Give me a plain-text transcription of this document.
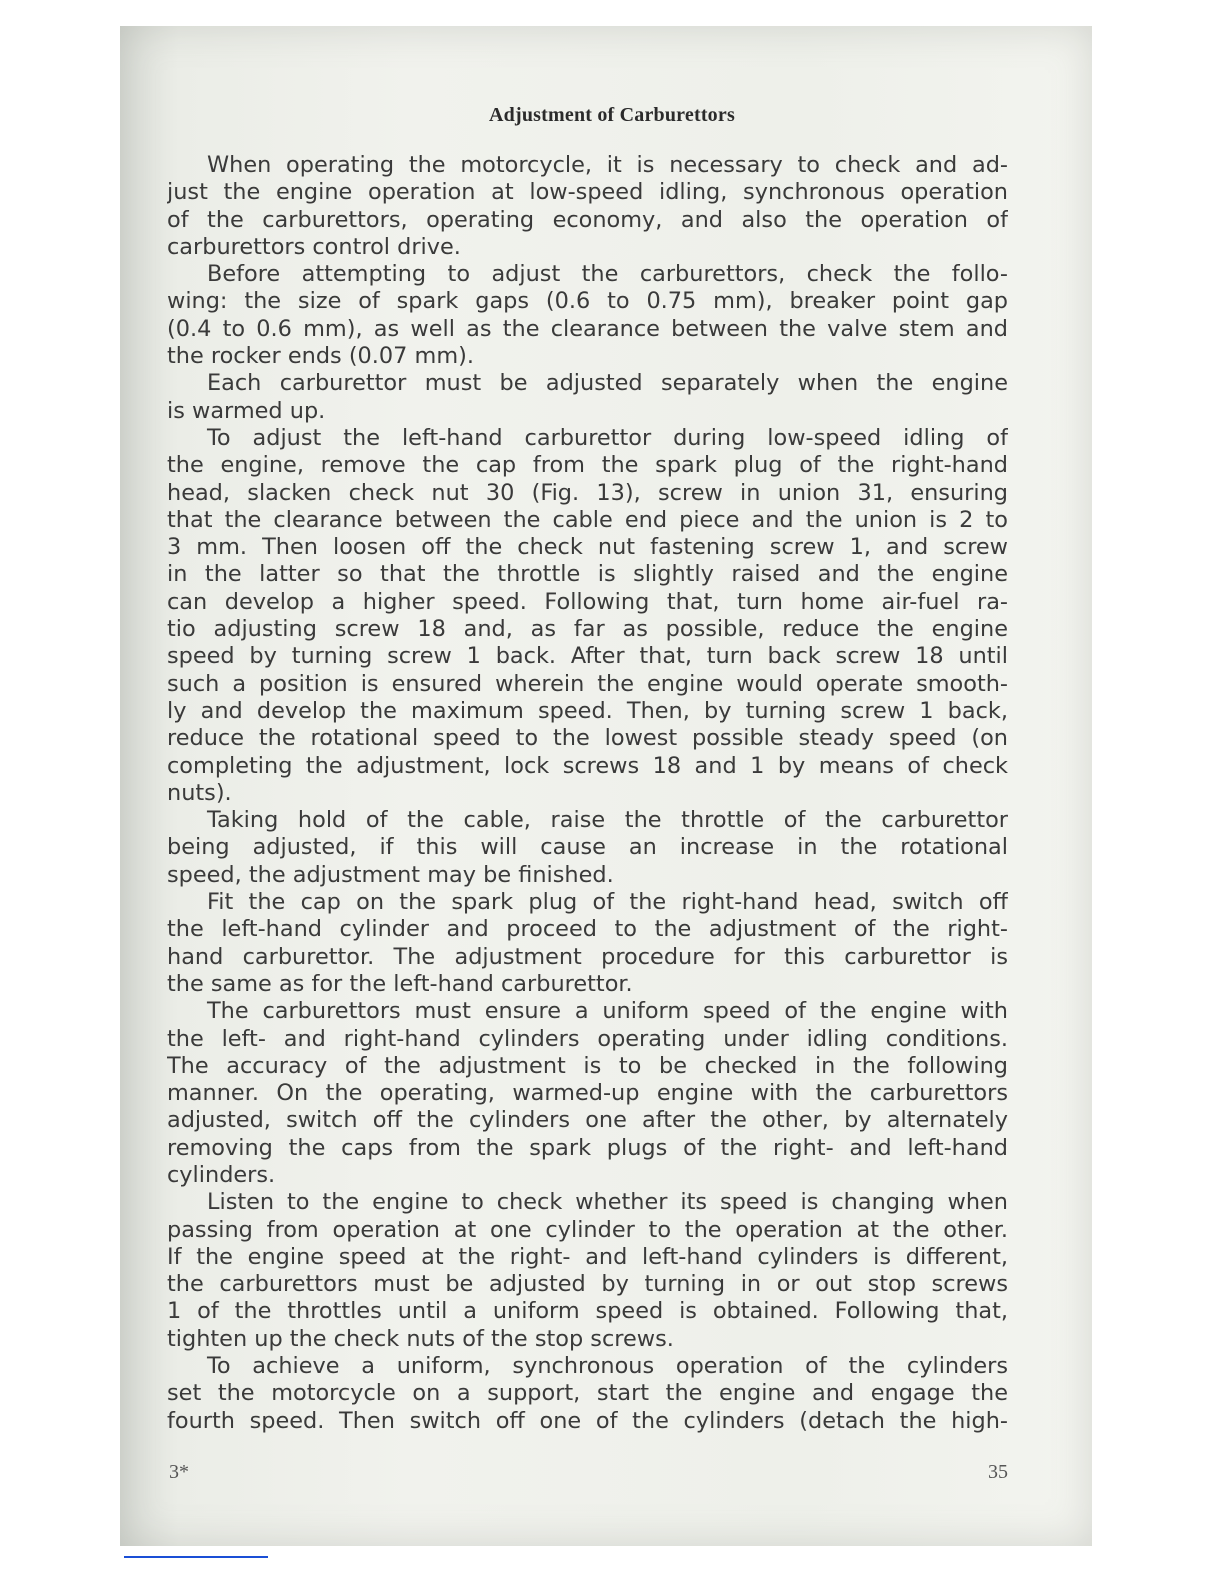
Adjustment of Carburettors
When operating the motorcycle, it is necessary to check and ad-
just the engine operation at low-speed idling, synchronous operation
of the carburettors, operating economy, and also the operation of
carburettors control drive.
Before attempting to adjust the carburettors, check the follo-
wing: the size of spark gaps (0.6 to 0.75 mm), breaker point gap
(0.4 to 0.6 mm), as well as the clearance between the valve stem and
the rocker ends (0.07 mm).
Each carburettor must be adjusted separately when the engine
is warmed up.
To adjust the left-hand carburettor during low-speed idling of
the engine, remove the cap from the spark plug of the right-hand
head, slacken check nut 30 (Fig. 13), screw in union 31, ensuring
that the clearance between the cable end piece and the union is 2 to
3 mm. Then loosen off the check nut fastening screw 1, and screw
in the latter so that the throttle is slightly raised and the engine
can develop a higher speed. Following that, turn home air-fuel ra-
tio adjusting screw 18 and, as far as possible, reduce the engine
speed by turning screw 1 back. After that, turn back screw 18 until
such a position is ensured wherein the engine would operate smooth-
ly and develop the maximum speed. Then, by turning screw 1 back,
reduce the rotational speed to the lowest possible steady speed (on
completing the adjustment, lock screws 18 and 1 by means of check
nuts).
Taking hold of the cable, raise the throttle of the carburettor
being adjusted, if this will cause an increase in the rotational
speed, the adjustment may be finished.
Fit the cap on the spark plug of the right-hand head, switch off
the left-hand cylinder and proceed to the adjustment of the right-
hand carburettor. The adjustment procedure for this carburettor is
the same as for the left-hand carburettor.
The carburettors must ensure a uniform speed of the engine with
the left- and right-hand cylinders operating under idling conditions.
The accuracy of the adjustment is to be checked in the following
manner. On the operating, warmed-up engine with the carburettors
adjusted, switch off the cylinders one after the other, by alternately
removing the caps from the spark plugs of the right- and left-hand
cylinders.
Listen to the engine to check whether its speed is changing when
passing from operation at one cylinder to the operation at the other.
If the engine speed at the right- and left-hand cylinders is different,
the carburettors must be adjusted by turning in or out stop screws
1 of the throttles until a uniform speed is obtained. Following that,
tighten up the check nuts of the stop screws.
To achieve a uniform, synchronous operation of the cylinders
set the motorcycle on a support, start the engine and engage the
fourth speed. Then switch off one of the cylinders (detach the high-
3*	35
